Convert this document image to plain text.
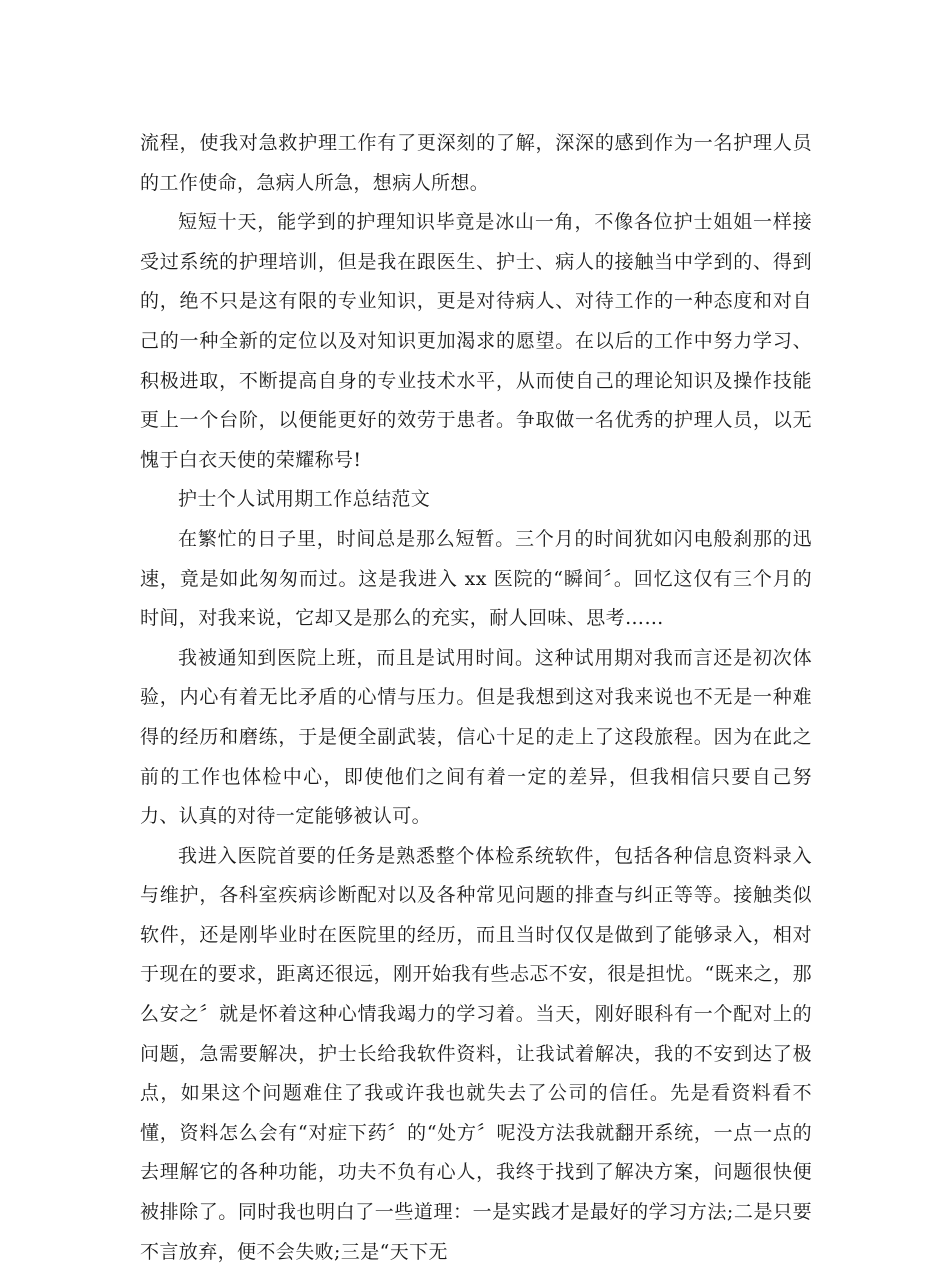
流程，使我对急救护理工作有了更深刻的了解，深深的感到作为一名护理人员的工作使命，急病人所急，想病人所想。

短短十天，能学到的护理知识毕竟是冰山一角，不像各位护士姐姐一样接受过系统的护理培训，但是我在跟医生、护士、病人的接触当中学到的、得到的，绝不只是这有限的专业知识，更是对待病人、对待工作的一种态度和对自己的一种全新的定位以及对知识更加渴求的愿望。在以后的工作中努力学习、积极进取，不断提高自身的专业技术水平，从而使自己的理论知识及操作技能更上一个台阶，以便能更好的效劳于患者。争取做一名优秀的护理人员，以无愧于白衣天使的荣耀称号!

护士个人试用期工作总结范文

在繁忙的日子里，时间总是那么短暂。三个月的时间犹如闪电般刹那的迅速，竟是如此匆匆而过。这是我进入 xx 医院的“瞬间〞。回忆这仅有三个月的时间，对我来说，它却又是那么的充实，耐人回味、思考……

我被通知到医院上班，而且是试用时间。这种试用期对我而言还是初次体验，内心有着无比矛盾的心情与压力。但是我想到这对我来说也不无是一种难得的经历和磨练，于是便全副武装，信心十足的走上了这段旅程。因为在此之前的工作也体检中心，即使他们之间有着一定的差异，但我相信只要自己努力、认真的对待一定能够被认可。

我进入医院首要的任务是熟悉整个体检系统软件，包括各种信息资料录入与维护，各科室疾病诊断配对以及各种常见问题的排查与纠正等等。接触类似软件，还是刚毕业时在医院里的经历，而且当时仅仅是做到了能够录入，相对于现在的要求，距离还很远，刚开始我有些忐忑不安，很是担忧。“既来之，那么安之〞就是怀着这种心情我竭力的学习着。当天，刚好眼科有一个配对上的问题，急需要解决，护士长给我软件资料，让我试着解决，我的不安到达了极点，如果这个问题难住了我或许我也就失去了公司的信任。先是看资料看不懂，资料怎么会有“对症下药〞的“处方〞呢没方法我就翻开系统，一点一点的去理解它的各种功能，功夫不负有心人，我终于找到了解决方案，问题很快便被排除了。同时我也明白了一些道理：一是实践才是最好的学习方法;二是只要不言放弃，便不会失败;三是“天下无
